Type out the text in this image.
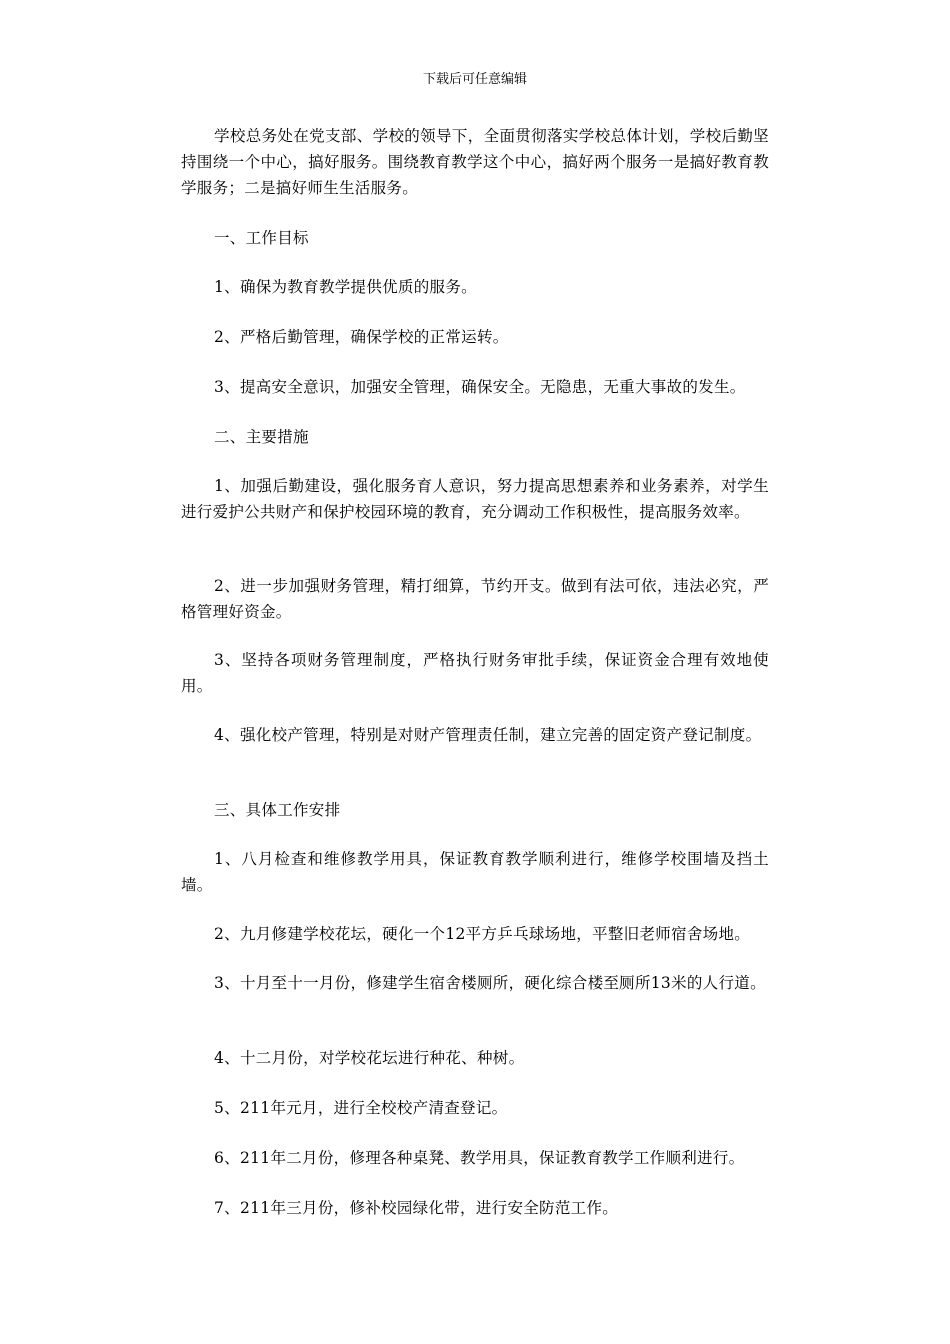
下载后可任意编辑
学校总务处在党支部、学校的领导下，全面贯彻落实学校总体计划，学校后勤坚持围绕一个中心，搞好服务。围绕教育教学这个中心，搞好两个服务一是搞好教育教学服务；二是搞好师生生活服务。
一、工作目标
1、确保为教育教学提供优质的服务。
2、严格后勤管理，确保学校的正常运转。
3、提高安全意识，加强安全管理，确保安全。无隐患，无重大事故的发生。
二、主要措施
1、加强后勤建设，强化服务育人意识，努力提高思想素养和业务素养，对学生进行爱护公共财产和保护校园环境的教育，充分调动工作积极性，提高服务效率。
2、进一步加强财务管理，精打细算，节约开支。做到有法可依，违法必究，严格管理好资金。
3、坚持各项财务管理制度，严格执行财务审批手续，保证资金合理有效地使用。
4、强化校产管理，特别是对财产管理责任制，建立完善的固定资产登记制度。
三、具体工作安排
1、八月检查和维修教学用具，保证教育教学顺利进行，维修学校围墙及挡土墙。
2、九月修建学校花坛，硬化一个12平方乒乓球场地，平整旧老师宿舍场地。
3、十月至十一月份，修建学生宿舍楼厕所，硬化综合楼至厕所13米的人行道。
4、十二月份，对学校花坛进行种花、种树。
5、211年元月，进行全校校产清查登记。
6、211年二月份，修理各种桌凳、教学用具，保证教育教学工作顺利进行。
7、211年三月份，修补校园绿化带，进行安全防范工作。
